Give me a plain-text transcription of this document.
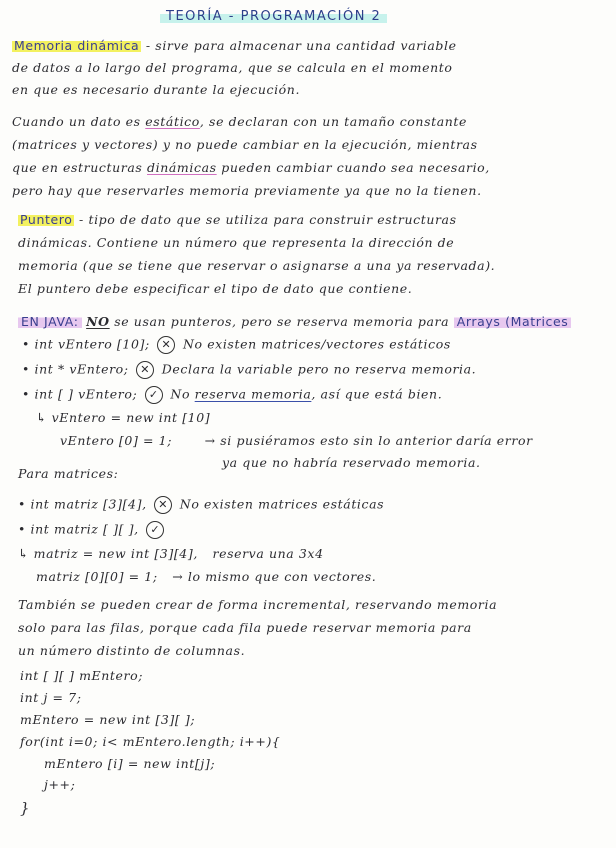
TEORÍA - PROGRAMACIÓN 2
Memoria dinámica - sirve para almacenar una cantidad variable
de datos a lo largo del programa, que se calcula en el momento
en que es necesario durante la ejecución.
Cuando un dato es estático, se declaran con un tamaño constante
(matrices y vectores) y no puede cambiar en la ejecución, mientras
que en estructuras dinámicas pueden cambiar cuando sea necesario,
pero hay que reservarles memoria previamente ya que no la tienen.
Puntero - tipo de dato que se utiliza para construir estructuras
dinámicas. Contiene un número que representa la dirección de
memoria (que se tiene que reservar o asignarse a una ya reservada).
El puntero debe especificar el tipo de dato que contiene.
EN JAVA: NO se usan punteros, pero se reserva memoria para Arrays (Matrices
• int vEntero [10]; ✕ No existen matrices/vectores estáticos
• int * vEntero; ✕ Declara la variable pero no reserva memoria.
• int [ ] vEntero; ✓ No reserva memoria, así que está bien.
↳ vEntero = new int [10]
vEntero [0] = 1;	→ si pusiéramos esto sin lo anterior daría error
ya que no habría reservado memoria.
Para matrices:
• int matriz [3][4], ✕ No existen matrices estáticas
• int matriz [ ][ ], ✓
↳ matriz = new int [3][4], reserva una 3x4
matriz [0][0] = 1; → lo mismo que con vectores.
También se pueden crear de forma incremental, reservando memoria
solo para las filas, porque cada fila puede reservar memoria para
un número distinto de columnas.
int [ ][ ] mEntero;
int j = 7;
mEntero = new int [3][ ];
for(int i=0; i< mEntero.length; i++){
mEntero [i] = new int[j];
j++;
}
